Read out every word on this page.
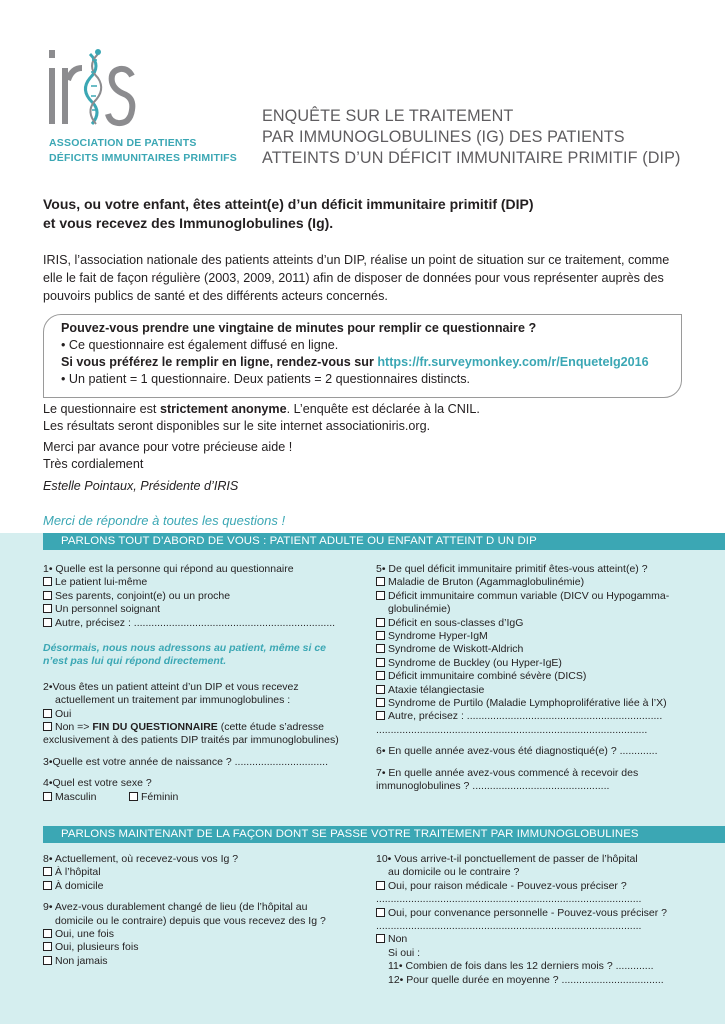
ASSOCIATION DE PATIENTS
DÉFICITS IMMUNITAIRES PRIMITIFS
ENQUÊTE SUR LE TRAITEMENT
PAR IMMUNOGLOBULINES (IG) DES PATIENTS
ATTEINTS D’UN DÉFICIT IMMUNITAIRE PRIMITIF (DIP)
Vous, ou votre enfant, êtes atteint(e) d’un déficit immunitaire primitif (DIP)
et vous recevez des Immunoglobulines (Ig).
IRIS, l’association nationale des patients atteints d’un DIP, réalise un point de situation sur ce traitement, comme
elle le fait de façon régulière (2003, 2009, 2011) afin de disposer de données pour vous représenter auprès des
pouvoirs publics de santé et des différents acteurs concernés.
Pouvez-vous prendre une vingtaine de minutes pour remplir ce questionnaire ?
• Ce questionnaire est également diffusé en ligne.
Si vous préférez le remplir en ligne, rendez-vous sur https://fr.surveymonkey.com/r/EnqueteIg2016
• Un patient = 1 questionnaire. Deux patients = 2 questionnaires distincts.
Le questionnaire est strictement anonyme. L’enquête est déclarée à la CNIL.
Les résultats seront disponibles sur le site internet associationiris.org.
Merci par avance pour votre précieuse aide !
Très cordialement
Estelle Pointaux, Présidente d’IRIS
Merci de répondre à toutes les questions !
PARLONS TOUT D’ABORD DE VOUS : PATIENT ADULTE OU ENFANT ATTEINT D UN DIP
1• Quelle est la personne qui répond au questionnaire
Le patient lui-même
Ses parents, conjoint(e) ou un proche
Un personnel soignant
Autre, précisez : .....................................................................
Désormais, nous nous adressons au patient, même si ce
n’est pas lui qui répond directement.
2•Vous êtes un patient atteint d’un DIP et vous recevez
actuellement un traitement par immunoglobulines :
Oui
Non => FIN DU QUESTIONNAIRE (cette étude s’adresse
exclusivement à des patients DIP traités par immunoglobulines)
3•Quelle est votre année de naissance ? ................................
4•Quel est votre sexe ?
Masculin	Féminin
5• De quel déficit immunitaire primitif êtes-vous atteint(e) ?
Maladie de Bruton (Agammaglobulinémie)
Déficit immunitaire commun variable (DICV ou Hypogamma-
globulinémie)
Déficit en sous-classes d’IgG
Syndrome Hyper-IgM
Syndrome de Wiskott-Aldrich
Syndrome de Buckley (ou Hyper-IgE)
Déficit immunitaire combiné sévère (DICS)
Ataxie télangiectasie
Syndrome de Purtilo (Maladie Lymphoproliférative liée à l’X)
Autre, précisez : ...................................................................
.............................................................................................
6• En quelle année avez-vous été diagnostiqué(e) ? .............
7• En quelle année avez-vous commencé à recevoir des
immunoglobulines ? ...............................................
PARLONS MAINTENANT DE LA FAÇON DONT SE PASSE VOTRE TRAITEMENT PAR IMMUNOGLOBULINES
8• Actuellement, où recevez-vous vos Ig ?
À l’hôpital
À domicile
9• Avez-vous durablement changé de lieu (de l’hôpital au
domicile ou le contraire) depuis que vous recevez des Ig ?
Oui, une fois
Oui, plusieurs fois
Non jamais
10• Vous arrive-t-il ponctuellement de passer de l’hôpital
au domicile ou le contraire ?
Oui, pour raison médicale - Pouvez-vous préciser ?
...........................................................................................
Oui, pour convenance personnelle - Pouvez-vous préciser ?
...........................................................................................
Non
Si oui :
11• Combien de fois dans les 12 derniers mois ? .............
12• Pour quelle durée en moyenne ? ...................................
